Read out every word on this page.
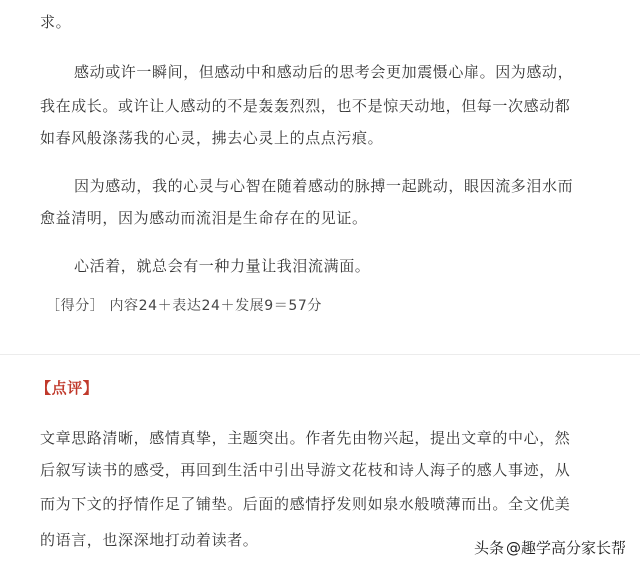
求。
感动或许一瞬间，但感动中和感动后的思考会更加震慑心扉。因为感动，
我在成长。或许让人感动的不是轰轰烈烈，也不是惊天动地，但每一次感动都
如春风般涤荡我的心灵，拂去心灵上的点点污痕。
因为感动，我的心灵与心智在随着感动的脉搏一起跳动，眼因流多泪水而
愈益清明，因为感动而流泪是生命存在的见证。
心活着，就总会有一种力量让我泪流满面。
［得分］ 内容24＋表达24＋发展9＝57分
【点评】
文章思路清晰，感情真挚，主题突出。作者先由物兴起，提出文章的中心，然
后叙写读书的感受，再回到生活中引出导游文花枝和诗人海子的感人事迹，从
而为下文的抒情作足了铺垫。后面的感情抒发则如泉水般喷薄而出。全文优美
的语言，也深深地打动着读者。	头条 @趣学高分家长帮
